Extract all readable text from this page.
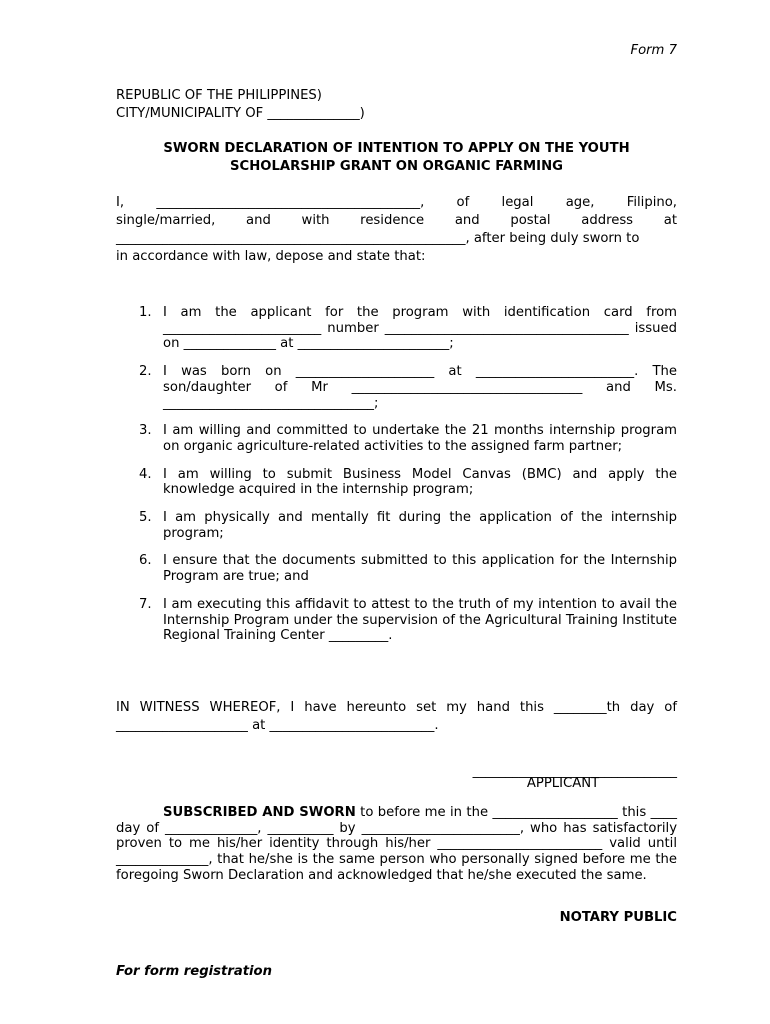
Form 7
REPUBLIC OF THE PHILIPPINES)
CITY/MUNICIPALITY OF ______________)
SWORN DECLARATION OF INTENTION TO APPLY ON THE YOUTH
SCHOLARSHIP GRANT ON ORGANIC FARMING
I, ________________________________________, of legal age, Filipino,
single/married, and with residence and postal address at
_____________________________________________________, after being duly sworn to
in accordance with law, depose and state that:
1. I am the applicant for the program with identification card from ________________________ number _____________________________________ issued on ______________ at _______________________;
2. I was born on _____________________ at ________________________. The son/daughter of Mr ___________________________________ and Ms. ________________________________;
3. I am willing and committed to undertake the 21 months internship program on organic agriculture-related activities to the assigned farm partner;
4. I am willing to submit Business Model Canvas (BMC) and apply the knowledge acquired in the internship program;
5. I am physically and mentally fit during the application of the internship program;
6. I ensure that the documents submitted to this application for the Internship Program are true; and
7. I am executing this affidavit to attest to the truth of my intention to avail the Internship Program under the supervision of the Agricultural Training Institute Regional Training Center _________.
IN WITNESS WHEREOF, I have hereunto set my hand this ________th day of
____________________ at _________________________.
_______________________________
APPLICANT
SUBSCRIBED AND SWORN to before me in the ___________________ this ____ day of ______________, __________ by ________________________, who has satisfactorily proven to me his/her identity through his/her _________________________ valid until ______________, that he/she is the same person who personally signed before me the foregoing Sworn Declaration and acknowledged that he/she executed the same.
NOTARY PUBLIC
For form registration
